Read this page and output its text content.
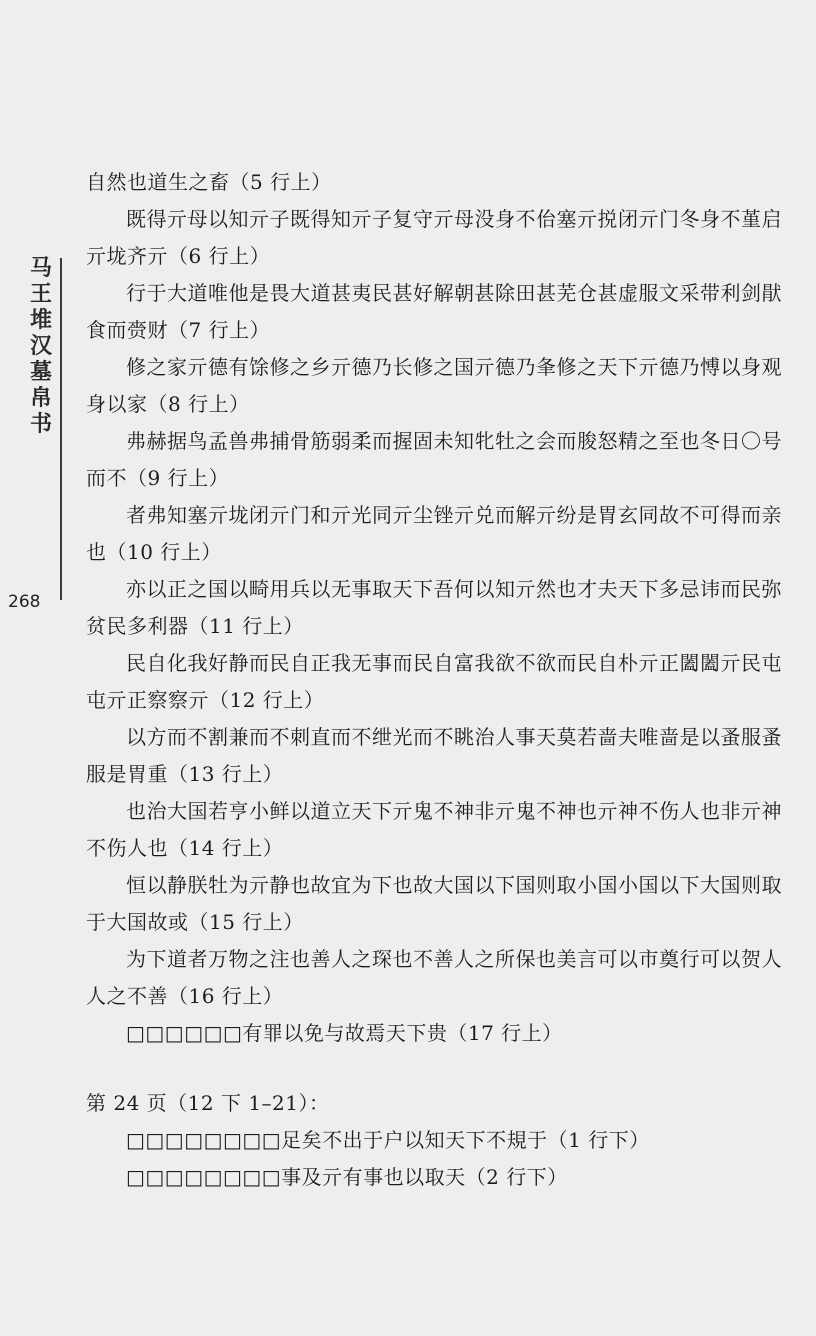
马王堆汉墓帛书
268

自然也道生之畜（5 行上）

既得亓母以知亓子既得知亓子复守亓母没身不佁塞亓捝闭亓门冬身不堇启亓垅齐亓（6 行上）

行于大道唯他是畏大道甚夷民甚好解朝甚除田甚芜仓甚虚服文采带利剑猒食而赍财（7 行上）

修之家亓德有馀修之乡亓德乃长修之国亓德乃夆修之天下亓德乃愽以身观身以家（8 行上）

弗赫据鸟孟兽弗捕骨筋弱柔而握固未知牝牡之会而朘怒精之至也冬日〇号而不（9 行上）

者弗知塞亓垅闭亓门和亓光同亓尘锉亓兑而解亓纷是胃玄同故不可得而亲也（10 行上）

亦以正之国以畸用兵以无事取天下吾何以知亓然也才夫天下多忌讳而民弥贫民多利器（11 行上）

民自化我好静而民自正我无事而民自富我欲不欲而民自朴亓正闔闔亓民屯屯亓正察察亓（12 行上）

以方而不割兼而不刺直而不绁光而不眺治人事天莫若啬夫唯啬是以蚤服蚤服是胃重（13 行上）

也治大国若亨小鲜以道立天下亓鬼不神非亓鬼不神也亓神不伤人也非亓神不伤人也（14 行上）

恒以静朕牡为亓静也故宜为下也故大国以下国则取小国小国以下大国则取于大国故或（15 行上）

为下道者万物之注也善人之琛也不善人之所保也美言可以市奠行可以贺人人之不善（16 行上）

□□□□□□有罪以免与故焉天下贵（17 行上）

第 24 页（12 下 1–21）：

□□□□□□□□足矣不出于户以知天下不規于（1 行下）

□□□□□□□□事及亓有事也以取天（2 行下）
